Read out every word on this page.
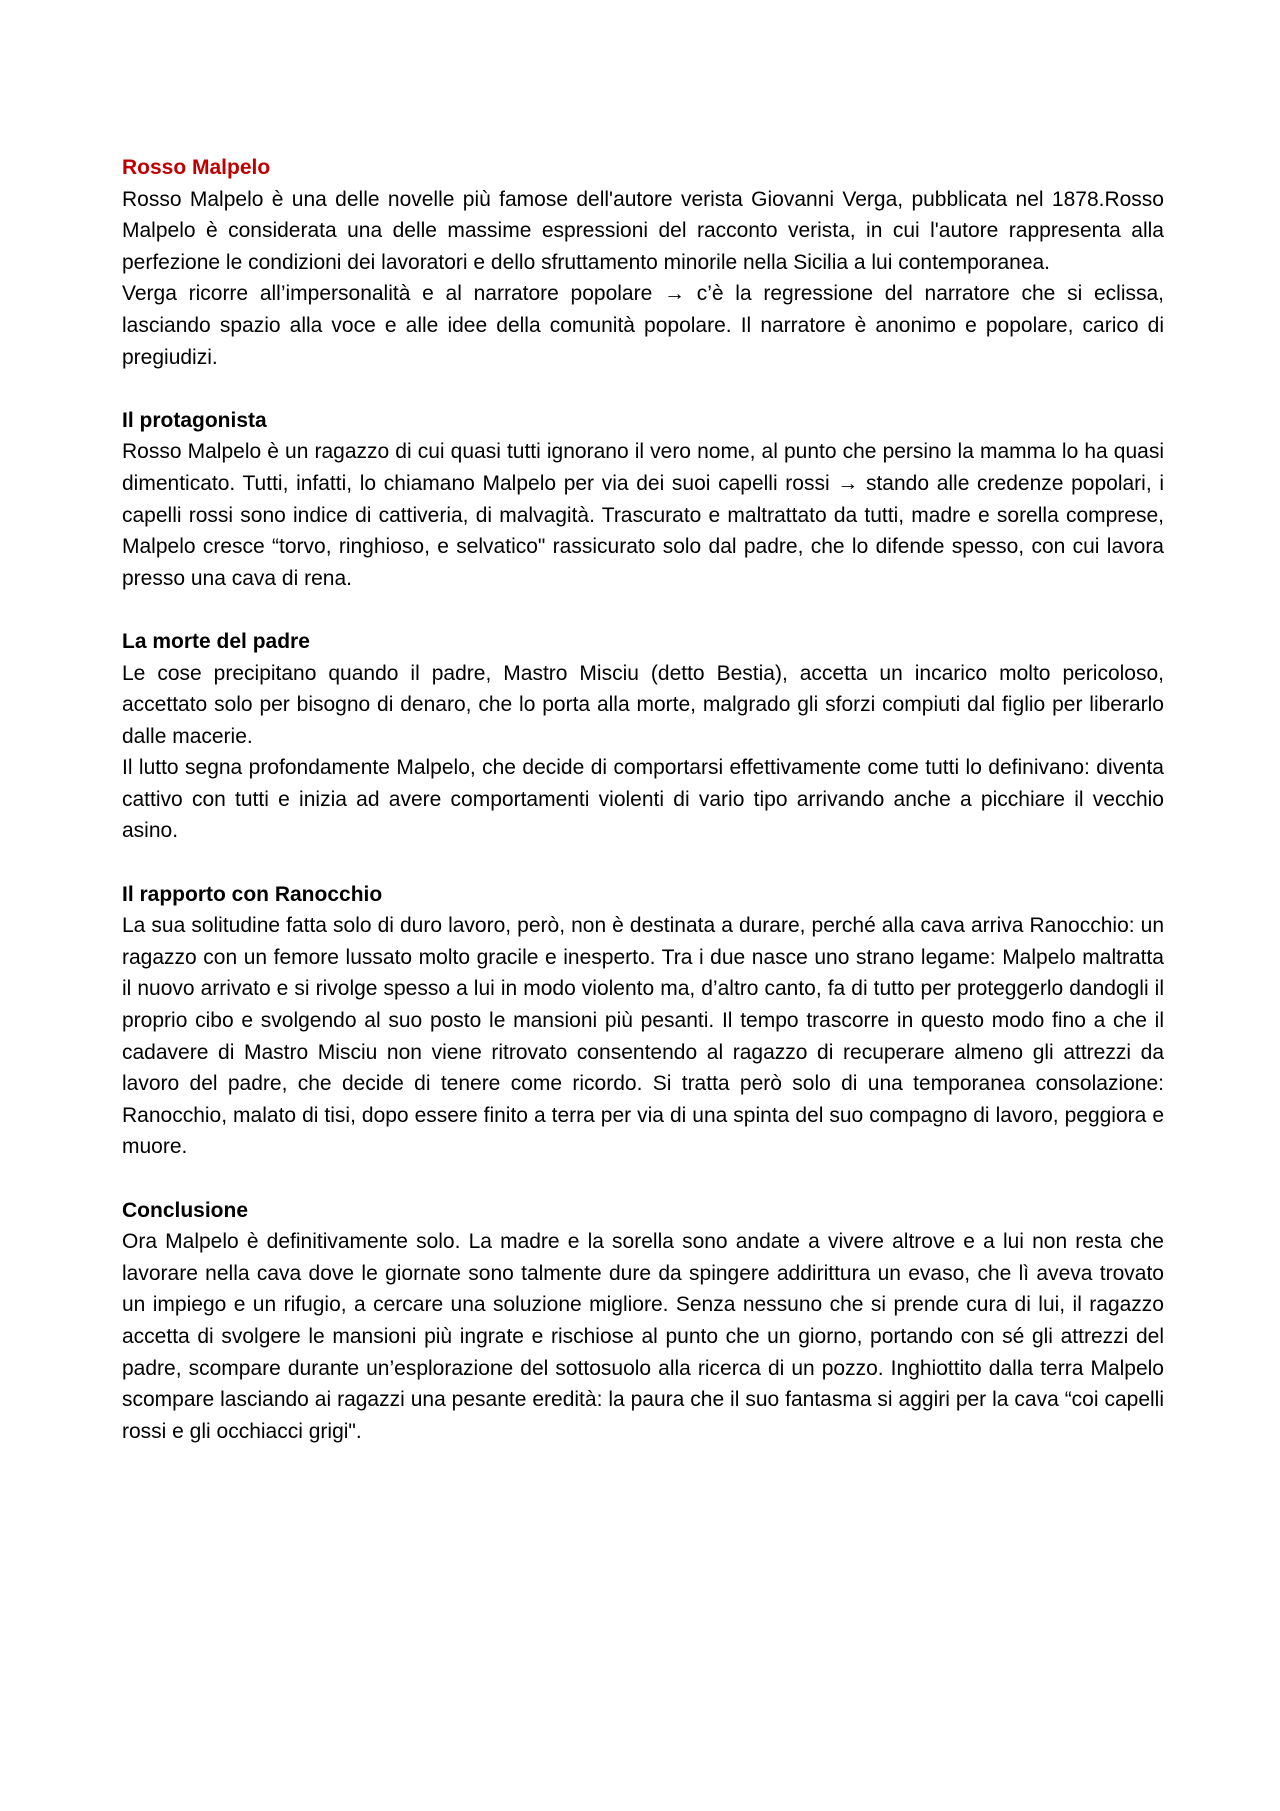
Rosso Malpelo

Rosso Malpelo è una delle novelle più famose dell'autore verista Giovanni Verga, pubblicata nel 1878.Rosso Malpelo è considerata una delle massime espressioni del racconto verista, in cui l'autore rappresenta alla perfezione le condizioni dei lavoratori e dello sfruttamento minorile nella Sicilia a lui contemporanea.

Verga ricorre all’impersonalità e al narratore popolare → c’è la regressione del narratore che si eclissa, lasciando spazio alla voce e alle idee della comunità popolare. Il narratore è anonimo e popolare, carico di pregiudizi.

Il protagonista

Rosso Malpelo è un ragazzo di cui quasi tutti ignorano il vero nome, al punto che persino la mamma lo ha quasi dimenticato. Tutti, infatti, lo chiamano Malpelo per via dei suoi capelli rossi → stando alle credenze popolari, i capelli rossi sono indice di cattiveria, di malvagità. Trascurato e maltrattato da tutti, madre e sorella comprese, Malpelo cresce “torvo, ringhioso, e selvatico" rassicurato solo dal padre, che lo difende spesso, con cui lavora presso una cava di rena.

La morte del padre

Le cose precipitano quando il padre, Mastro Misciu (detto Bestia), accetta un incarico molto pericoloso, accettato solo per bisogno di denaro, che lo porta alla morte, malgrado gli sforzi compiuti dal figlio per liberarlo dalle macerie.

Il lutto segna profondamente Malpelo, che decide di comportarsi effettivamente come tutti lo definivano: diventa cattivo con tutti e inizia ad avere comportamenti violenti di vario tipo arrivando anche a picchiare il vecchio asino.

Il rapporto con Ranocchio

La sua solitudine fatta solo di duro lavoro, però, non è destinata a durare, perché alla cava arriva Ranocchio: un ragazzo con un femore lussato molto gracile e inesperto. Tra i due nasce uno strano legame: Malpelo maltratta il nuovo arrivato e si rivolge spesso a lui in modo violento ma, d’altro canto, fa di tutto per proteggerlo dandogli il proprio cibo e svolgendo al suo posto le mansioni più pesanti. Il tempo trascorre in questo modo fino a che il cadavere di Mastro Misciu non viene ritrovato consentendo al ragazzo di recuperare almeno gli attrezzi da lavoro del padre, che decide di tenere come ricordo. Si tratta però solo di una temporanea consolazione: Ranocchio, malato di tisi, dopo essere finito a terra per via di una spinta del suo compagno di lavoro, peggiora e muore.

Conclusione

Ora Malpelo è definitivamente solo. La madre e la sorella sono andate a vivere altrove e a lui non resta che lavorare nella cava dove le giornate sono talmente dure da spingere addirittura un evaso, che lì aveva trovato un impiego e un rifugio, a cercare una soluzione migliore. Senza nessuno che si prende cura di lui, il ragazzo accetta di svolgere le mansioni più ingrate e rischiose al punto che un giorno, portando con sé gli attrezzi del padre, scompare durante un’esplorazione del sottosuolo alla ricerca di un pozzo. Inghiottito dalla terra Malpelo scompare lasciando ai ragazzi una pesante eredità: la paura che il suo fantasma si aggiri per la cava “coi capelli rossi e gli occhiacci grigi".
